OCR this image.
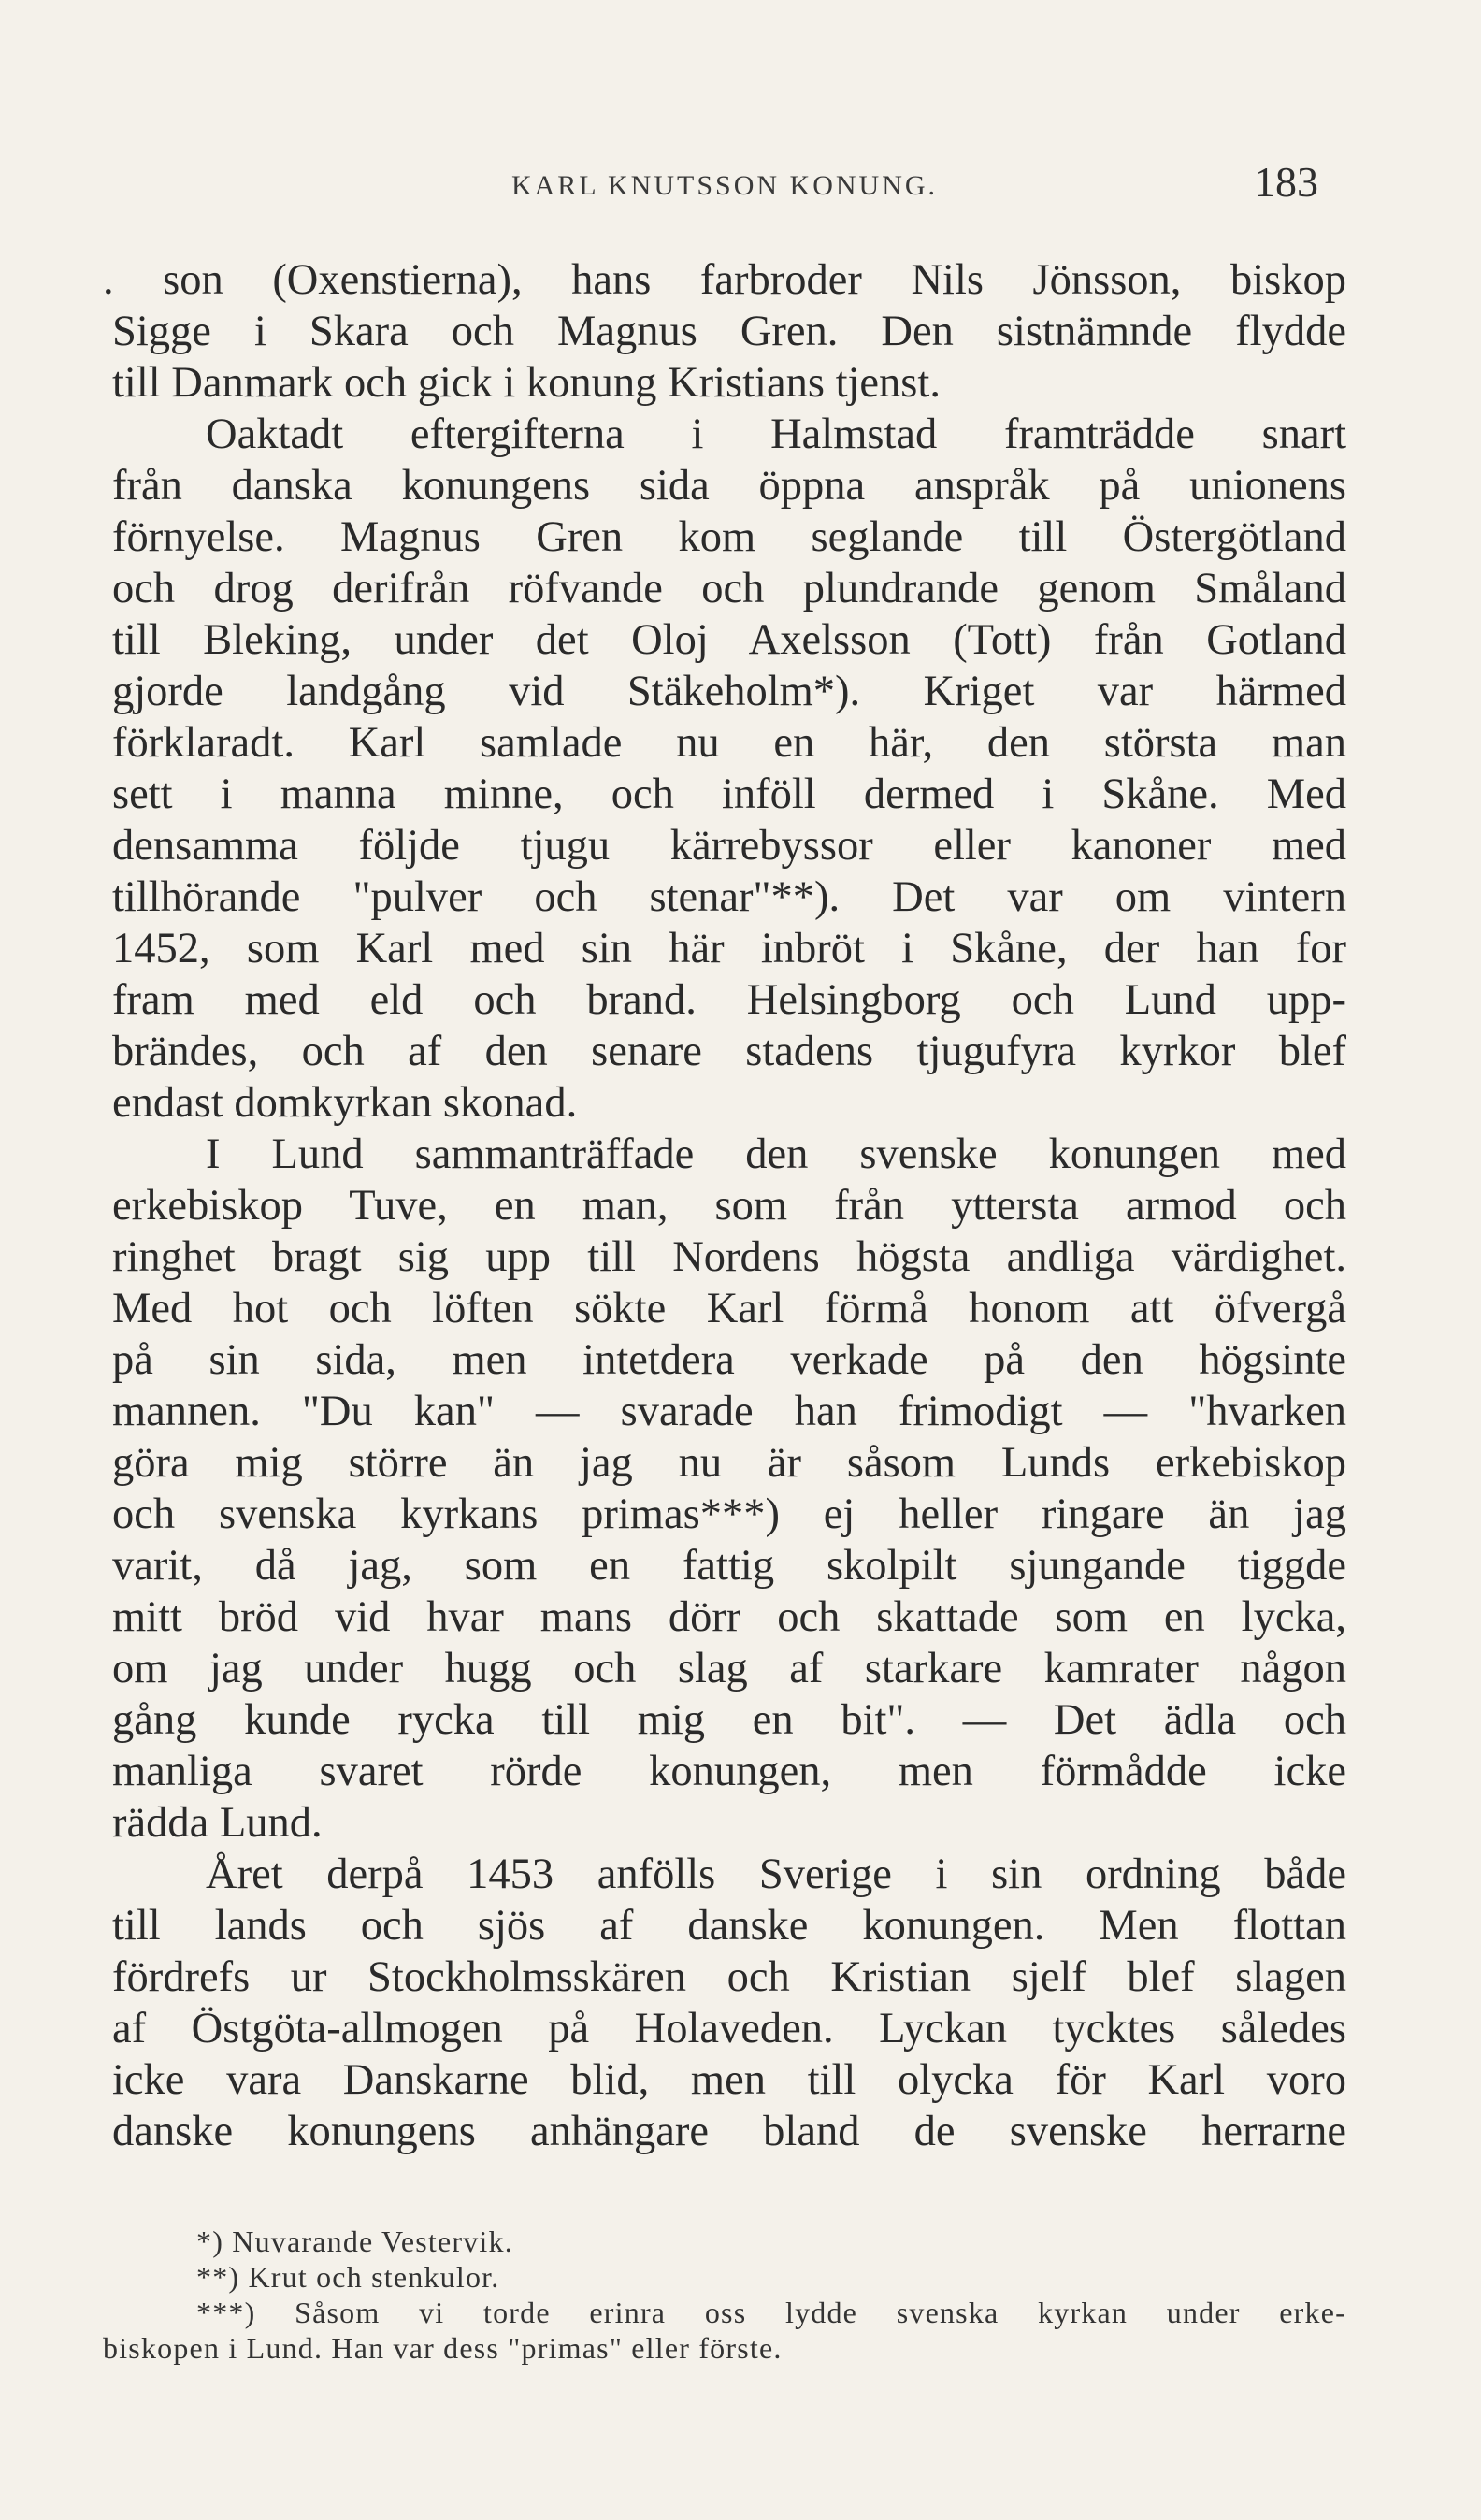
KARL KNUTSSON KONUNG.	183
. son (Oxenstierna), hans farbroder Nils Jönsson, biskop
Sigge i Skara och Magnus Gren. Den sistnämnde flydde
till Danmark och gick i konung Kristians tjenst.
Oaktadt eftergifterna i Halmstad framträdde snart
från danska konungens sida öppna anspråk på unionens
förnyelse. Magnus Gren kom seglande till Östergötland
och drog derifrån röfvande och plundrande genom Småland
till Bleking, under det Oloj Axelsson (Tott) från Gotland
gjorde landgång vid Stäkeholm*). Kriget var härmed
förklaradt. Karl samlade nu en här, den största man
sett i manna minne, och inföll dermed i Skåne. Med
densamma följde tjugu kärrebyssor eller kanoner med
tillhörande "pulver och stenar"**). Det var om vintern
1452, som Karl med sin här inbröt i Skåne, der han for
fram med eld och brand. Helsingborg och Lund upp-
brändes, och af den senare stadens tjugufyra kyrkor blef
endast domkyrkan skonad.
I Lund sammanträffade den svenske konungen med
erkebiskop Tuve, en man, som från yttersta armod och
ringhet bragt sig upp till Nordens högsta andliga värdighet.
Med hot och löften sökte Karl förmå honom att öfvergå
på sin sida, men intetdera verkade på den högsinte
mannen. "Du kan" — svarade han frimodigt — "hvarken
göra mig större än jag nu är såsom Lunds erkebiskop
och svenska kyrkans primas***) ej heller ringare än jag
varit, då jag, som en fattig skolpilt sjungande tiggde
mitt bröd vid hvar mans dörr och skattade som en lycka,
om jag under hugg och slag af starkare kamrater någon
gång kunde rycka till mig en bit". — Det ädla och
manliga svaret rörde konungen, men förmådde icke
rädda Lund.
Året derpå 1453 anfölls Sverige i sin ordning både
till lands och sjös af danske konungen. Men flottan
fördrefs ur Stockholmsskären och Kristian sjelf blef slagen
af Östgöta-allmogen på Holaveden. Lyckan tycktes således
icke vara Danskarne blid, men till olycka för Karl voro
danske konungens anhängare bland de svenske herrarne
*) Nuvarande Vestervik.
**) Krut och stenkulor.
***) Såsom vi torde erinra oss lydde svenska kyrkan under erke-
biskopen i Lund. Han var dess "primas" eller förste.
